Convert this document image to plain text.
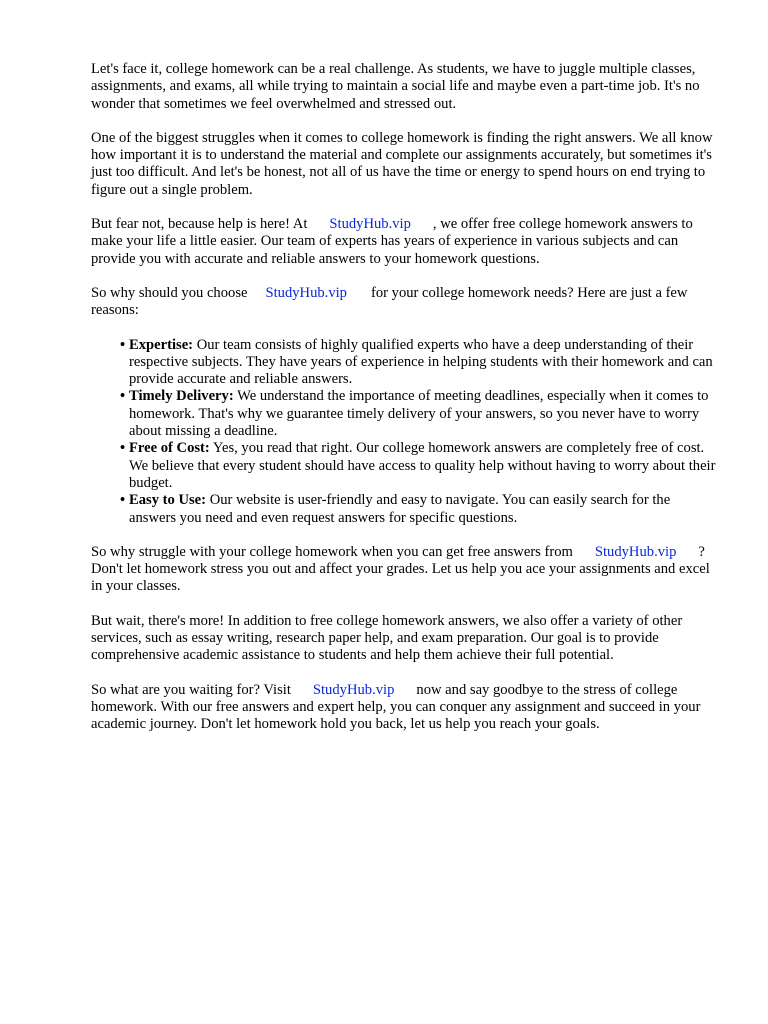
Let's face it, college homework can be a real challenge. As students, we have to juggle multiple classes, assignments, and exams, all while trying to maintain a social life and maybe even a part-time job. It's no wonder that sometimes we feel overwhelmed and stressed out.

One of the biggest struggles when it comes to college homework is finding the right answers. We all know how important it is to understand the material and complete our assignments accurately, but sometimes it's just too difficult. And let's be honest, not all of us have the time or energy to spend hours on end trying to figure out a single problem.

But fear not, because help is here! At StudyHub.vip , we offer free college homework answers to make your life a little easier. Our team of experts has years of experience in various subjects and can provide you with accurate and reliable answers to your homework questions.

So why should you choose StudyHub.vip for your college homework needs? Here are just a few reasons:

• Expertise: Our team consists of highly qualified experts who have a deep understanding of their respective subjects. They have years of experience in helping students with their homework and can provide accurate and reliable answers.
• Timely Delivery: We understand the importance of meeting deadlines, especially when it comes to homework. That's why we guarantee timely delivery of your answers, so you never have to worry about missing a deadline.
• Free of Cost: Yes, you read that right. Our college homework answers are completely free of cost. We believe that every student should have access to quality help without having to worry about their budget.
• Easy to Use: Our website is user-friendly and easy to navigate. You can easily search for the answers you need and even request answers for specific questions.

So why struggle with your college homework when you can get free answers from StudyHub.vip ? Don't let homework stress you out and affect your grades. Let us help you ace your assignments and excel in your classes.

But wait, there's more! In addition to free college homework answers, we also offer a variety of other services, such as essay writing, research paper help, and exam preparation. Our goal is to provide comprehensive academic assistance to students and help them achieve their full potential.

So what are you waiting for? Visit StudyHub.vip now and say goodbye to the stress of college homework. With our free answers and expert help, you can conquer any assignment and succeed in your academic journey. Don't let homework hold you back, let us help you reach your goals.
